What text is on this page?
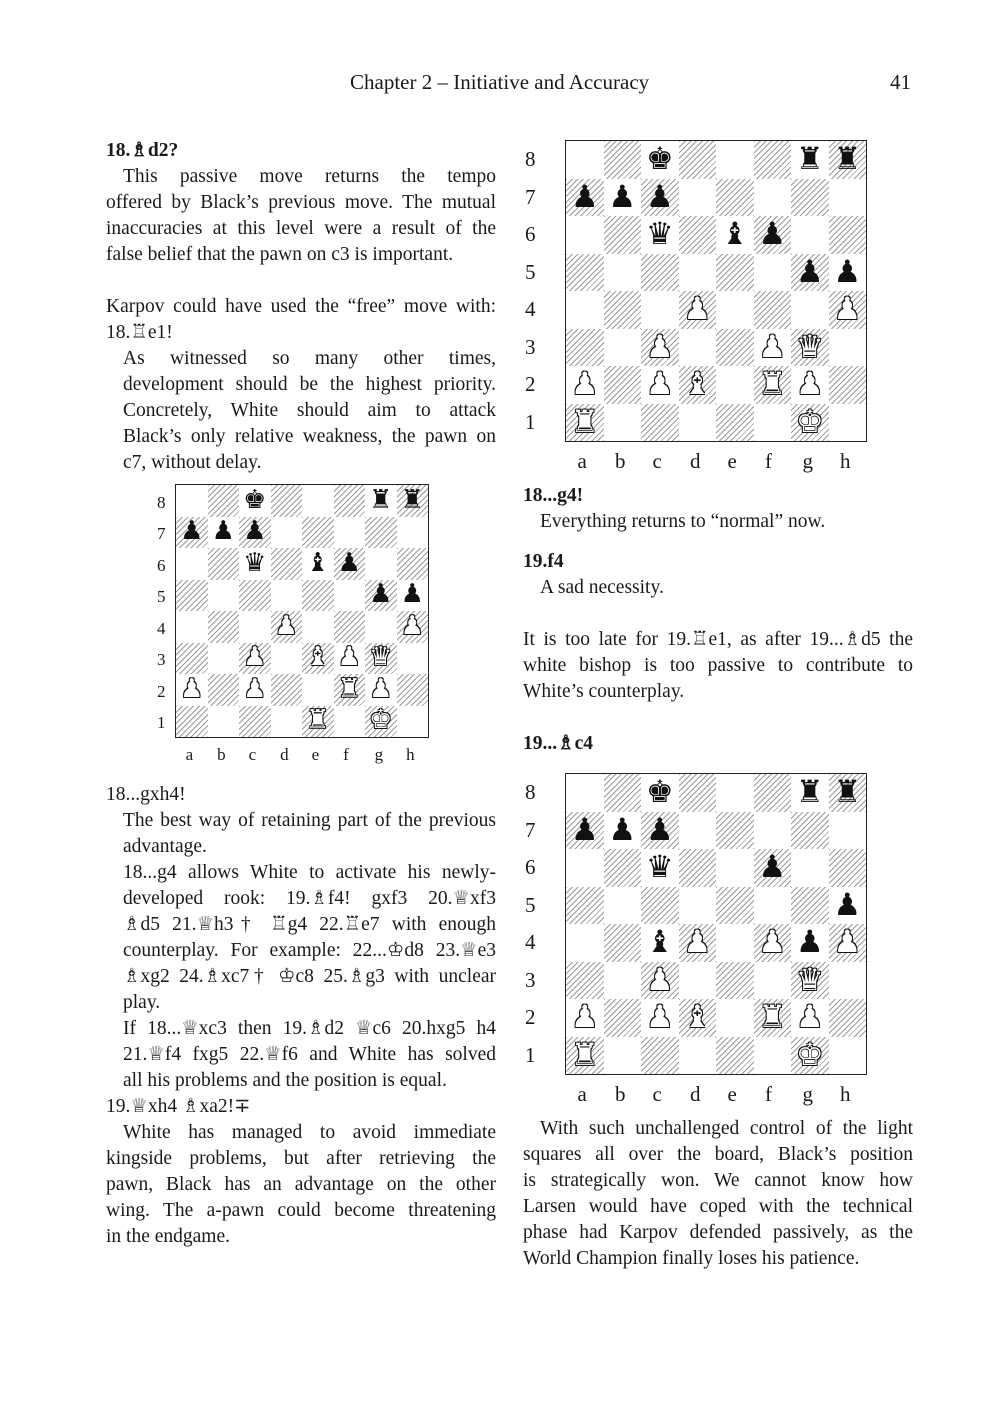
Chapter 2 – Initiative and Accuracy	41

18.♗d2?

This passive move returns the tempo

offered by Black’s previous move. The mutual

inaccuracies at this level were a result of the

false belief that the pawn on c3 is important.

Karpov could have used the “free” move with:

18.♖e1!

As witnessed so many other times,

development should be the highest priority.

Concretely, White should aim to attack

Black’s only relative weakness, the pawn on

c7, without delay.

♚	♜ ♜
♟ ♟ ♟
♛ ♝ ♟
♟ ♟
♟	♟
♟ ♝ ♟ ♛
♟ ♟	♜ ♟
♜ ♚
8
7
6
5
4
3
2
1
a b c d e f g h

18...gxh4!

The best way of retaining part of the previous

advantage.

18...g4 allows White to activate his newly-

developed rook: 19.♗f4! gxf3 20.♕xf3

♗d5 21.♕h3† ♖g4 22.♖e7 with enough

counterplay. For example: 22...♔d8 23.♕e3

♗xg2 24.♗xc7† ♔c8 25.♗g3 with unclear

play.

If 18...♕xc3 then 19.♗d2 ♕c6 20.hxg5 h4

21.♕f4 fxg5 22.♕f6 and White has solved

all his problems and the position is equal.

19.♕xh4 ♗xa2!∓

White has managed to avoid immediate

kingside problems, but after retrieving the

pawn, Black has an advantage on the other

wing. The a-pawn could become threatening

in the endgame.

♚	♜ ♜
♟ ♟ ♟
♛ ♝ ♟
♟ ♟
♟	♟
♟	♟ ♛
♟ ♟ ♝ ♜ ♟
♜	♚
8
7
6
5
4
3
2
1
a b c d e f g h

18...g4!

Everything returns to “normal” now.

19.f4

A sad necessity.

It is too late for 19.♖e1, as after 19...♗d5 the

white bishop is too passive to contribute to

White’s counterplay.

19...♗c4

♚	♜ ♜
♟ ♟ ♟
♛	♟
♟
♝ ♟ ♟ ♟ ♟
♟	♛
♟ ♟ ♝ ♜ ♟
♜	♚
8
7
6
5
4
3
2
1
a b c d e f g h

With such unchallenged control of the light

squares all over the board, Black’s position

is strategically won. We cannot know how

Larsen would have coped with the technical

phase had Karpov defended passively, as the

World Champion finally loses his patience.
